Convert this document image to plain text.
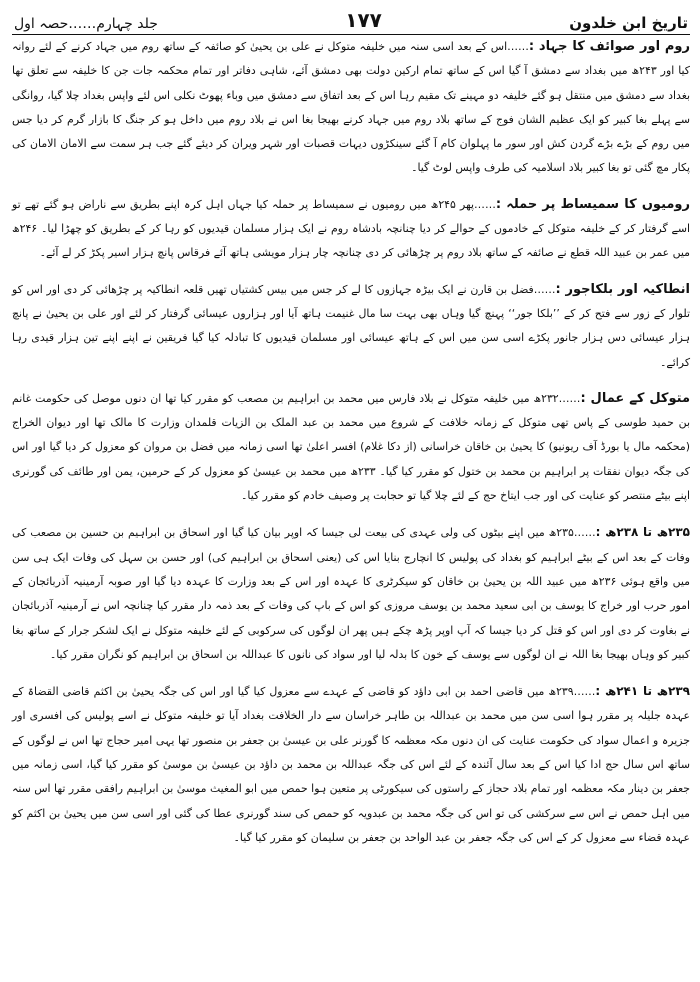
تاریخ ابن خلدون
۱۷۷
جلد چہارم……حصہ اول

روم اور صوائف کا جہاد :……اس کے بعد اسی سنہ میں خلیفہ متوکل نے علی بن یحییٰ کو صائفہ کے ساتھ روم میں جہاد کرنے کے لئے روانہ کیا اور ۲۴۳ھ میں بغداد سے دمشق آ گیا اس کے ساتھ تمام ارکین دولت بھی دمشق آئے، شاہی دفاتر اور تمام محکمہ جات جن کا خلیفہ سے تعلق تھا بغداد سے دمشق میں منتقل ہو گئے خلیفہ دو مہینے تک مقیم رہا اس کے بعد اتفاق سے دمشق میں وباء پھوٹ نکلی اس لئے واپس بغداد چلا گیا، روانگی سے پہلے بغا کبیر کو ایک عظیم الشان فوج کے ساتھ بلاد روم میں جہاد کرنے بھیجا بغا اس نے بلاد روم میں داخل ہو کر جنگ کا بازار گرم کر دیا جس میں روم کے بڑے بڑے گردن کش اور سور ما پہلوان کام آ گئے سینکڑوں دیہات قصبات اور شہر ویران کر دیئے گئے جب ہر سمت سے الامان الامان کی پکار مچ گئی تو بغا کبیر بلاد اسلامیہ کی طرف واپس لوٹ گیا۔

رومیوں کا سمیساط پر حملہ :……پھر ۲۴۵ھ میں رومیوں نے سمیساط پر حملہ کیا جہاں اہل کرہ اپنے بطریق سے ناراض ہو گئے تھے تو اسے گرفتار کر کے خلیفہ متوکل کے خادموں کے حوالے کر دیا چنانچہ بادشاہ روم نے ایک ہزار مسلمان قیدیوں کو رہا کر کے بطریق کو چھڑا لیا۔ ۲۴۶ھ میں عمر بن عبید اللہ قطع نے صائفہ کے ساتھ بلاد روم پر چڑھائی کر دی چنانچہ چار ہزار مویشی ہاتھ آئے فرقاس پانچ ہزار اسیر پکڑ کر لے آئے۔

انطاکیہ اور بلکاجور :……فضل بن قارن نے ایک بیڑہ جہازوں کا لے کر جس میں بیس کشتیاں تھیں قلعہ انطاکیہ پر چڑھائی کر دی اور اس کو تلوار کے زور سے فتح کر کے ’’بلکا جور‘‘ پہنچ گیا وہاں بھی بہت سا مال غنیمت ہاتھ آیا اور ہزاروں عیسائی گرفتار کر لئے اور علی بن یحییٰ نے پانچ ہزار عیسائی دس ہزار جانور پکڑے اسی سن میں اس کے ہاتھ عیسائی اور مسلمان قیدیوں کا تبادلہ کیا گیا فریقین نے اپنے اپنے تین ہزار قیدی رہا کرائے۔

متوکل کے عمال :……۲۳۲ھ میں خلیفہ متوکل نے بلاد فارس میں محمد بن ابراہیم بن مصعب کو مقرر کیا تھا ان دنوں موصل کی حکومت غانم بن حمید طوسی کے پاس تھی متوکل کے زمانہ خلافت کے شروع میں محمد بن عبد الملک بن الزیات قلمدان وزارت کا مالک تھا اور دیوان الخراج (محکمہ مال یا بورڈ آف ریونیو) کا یحییٰ بن خاقان خراسانی (از دکا غلام) افسر اعلیٰ تھا اسی زمانہ میں فضل بن مروان کو معزول کر دیا گیا اور اس کی جگہ دیوان نفقات پر ابراہیم بن محمد بن ختول کو مقرر کیا گیا۔ ۲۳۳ھ میں محمد بن عیسیٰ کو معزول کر کے حرمین، یمن اور طائف کی گورنری اپنے بیٹے منتصر کو عنایت کی اور جب ایتاخ حج کے لئے چلا گیا تو حجابت پر وصیف خادم کو مقرر کیا۔

۲۳۵ھ تا ۲۳۸ھ :……۲۳۵ھ میں اپنے بیٹوں کی ولی عہدی کی بیعت لی جیسا کہ اوپر بیان کیا گیا اور اسحاق بن ابراہیم بن حسین بن مصعب کی وفات کے بعد اس کے بیٹے ابراہیم کو بغداد کی پولیس کا انچارج بنایا اس کی (یعنی اسحاق بن ابراہیم کی) اور حسن بن سہل کی وفات ایک ہی سن میں واقع ہوئی ۲۳۶ھ میں عبید اللہ بن یحییٰ بن خاقان کو سیکرٹری کا عہدہ اور اس کے بعد وزارت کا عہدہ دیا گیا اور صوبہ آرمینیہ آذربائجان کے امور حرب اور خراج کا یوسف بن ابی سعید محمد بن یوسف مروزی کو اس کے باپ کی وفات کے بعد ذمہ دار مقرر کیا چنانچہ اس نے آرمینیہ آذربائجان نے بغاوت کر دی اور اس کو قتل کر دیا جیسا کہ آپ اوپر پڑھ چکے ہیں پھر ان لوگوں کی سرکوبی کے لئے خلیفہ متوکل نے ایک لشکر جرار کے ساتھ بغا کبیر کو وہاں بھیجا بغا اللہ نے ان لوگوں سے یوسف کے خون کا بدلہ لیا اور سواد کی نانوں کا عبداللہ بن اسحاق بن ابراہیم کو نگران مقرر کیا۔

۲۳۹ھ تا ۲۴۱ھ :……۲۳۹ھ میں قاضی احمد بن ابی داؤد کو قاضی کے عہدے سے معزول کیا گیا اور اس کی جگہ یحییٰ بن اکثم قاضی القضاۃ کے عہدہ جلیلہ پر مقرر ہوا اسی سن میں محمد بن عبداللہ بن طاہر خراسان سے دار الخلافت بغداد آیا تو خلیفہ متوکل نے اسے پولیس کی افسری اور جزیرہ و اعمال سواد کی حکومت عنایت کی ان دنوں مکہ معظمہ کا گورنر علی بن عیسیٰ بن جعفر بن منصور تھا یہی امیر حجاج تھا اس نے لوگوں کے ساتھ اس سال حج ادا کیا اس کے بعد سال آئندہ کے لئے اس کی جگہ عبداللہ بن محمد بن داؤد بن عیسیٰ بن موسیٰ کو مقرر کیا گیا، اسی زمانہ میں جعفر بن دینار مکہ معظمہ اور تمام بلاد حجاز کے راستوں کی سیکورٹی پر متعین ہوا حمص میں ابو المغیث موسیٰ بن ابراہیم رافقی مقرر تھا اس سنہ میں اہل حمص نے اس سے سرکشی کی تو اس کی جگہ محمد بن عبدویہ کو حمص کی سند گورنری عطا کی گئی اور اسی سن میں یحییٰ بن اکثم کو عہدہ قضاء سے معزول کر کے اس کی جگہ جعفر بن عبد الواحد بن جعفر بن سلیمان کو مقرر کیا گیا۔
